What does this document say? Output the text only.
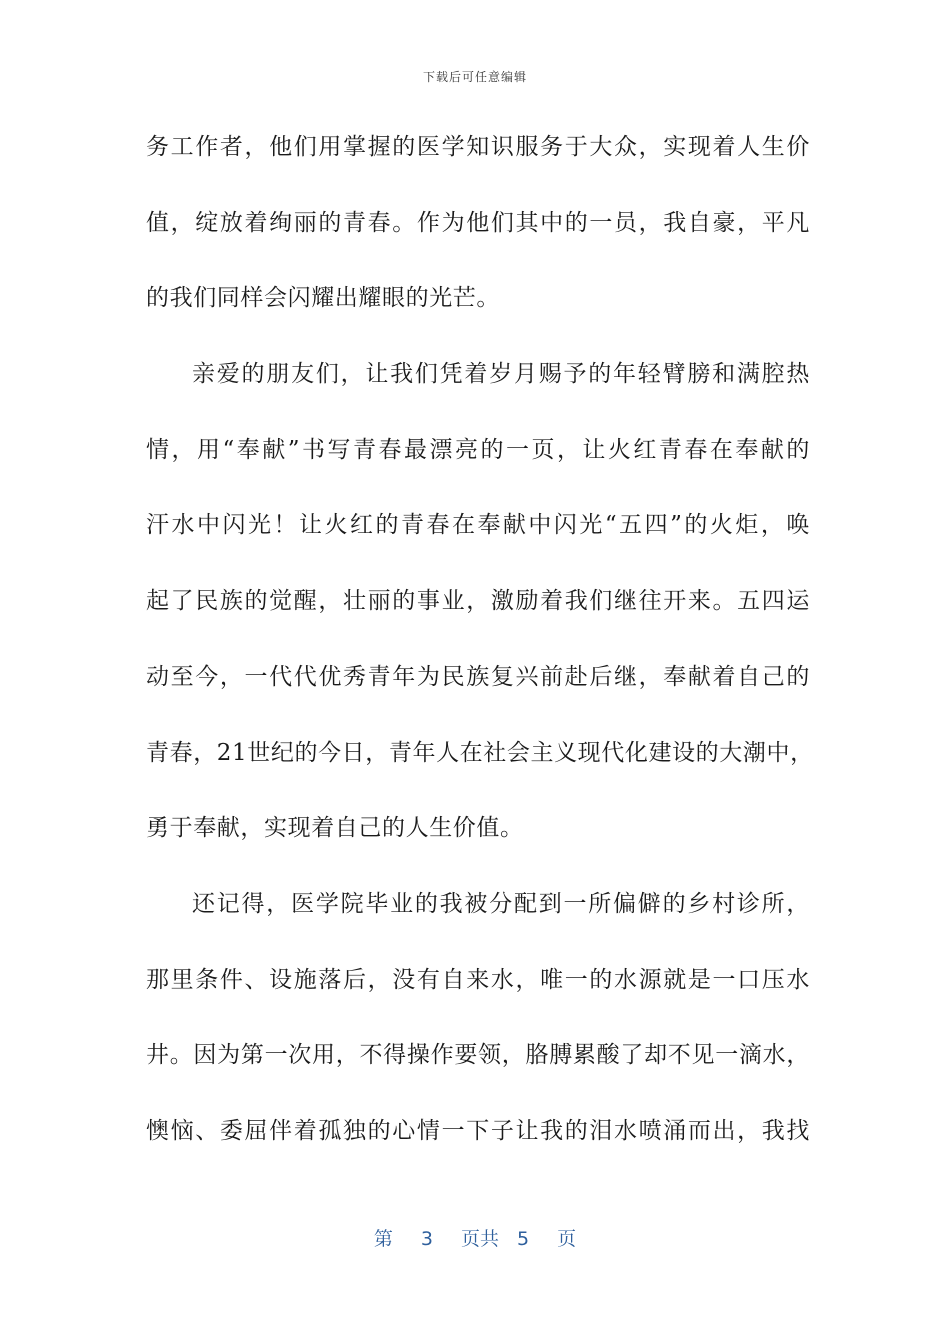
下载后可任意编辑
务工作者，他们用掌握的医学知识服务于大众，实现着人生价
值，绽放着绚丽的青春。作为他们其中的一员，我自豪，平凡
的我们同样会闪耀出耀眼的光芒。
亲爱的朋友们，让我们凭着岁月赐予的年轻臂膀和满腔热
情，用“奉献”书写青春最漂亮的一页，让火红青春在奉献的
汗水中闪光！让火红的青春在奉献中闪光“五四”的火炬，唤
起了民族的觉醒，壮丽的事业，激励着我们继往开来。五四运
动至今，一代代优秀青年为民族复兴前赴后继，奉献着自己的
青春，21世纪的今日，青年人在社会主义现代化建设的大潮中，
勇于奉献，实现着自己的人生价值。
还记得，医学院毕业的我被分配到一所偏僻的乡村诊所，
那里条件、设施落后，没有自来水，唯一的水源就是一口压水
井。因为第一次用，不得操作要领，胳膊累酸了却不见一滴水，
懊恼、委屈伴着孤独的心情一下子让我的泪水喷涌而出，我找
第 3 页共 5 页
